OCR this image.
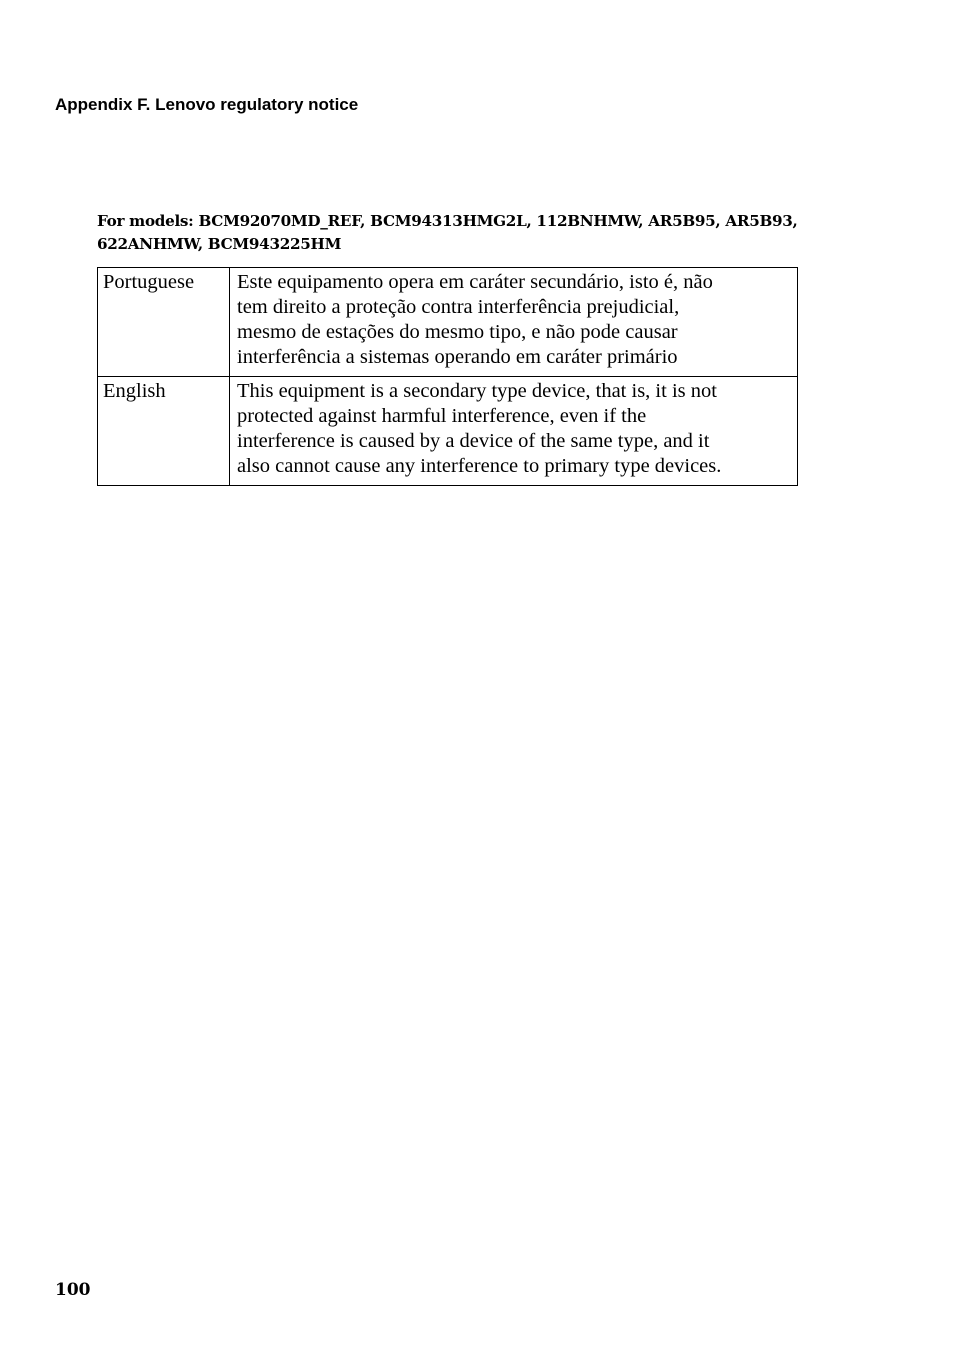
Appendix F. Lenovo regulatory notice
For models: BCM92070MD_REF, BCM94313HMG2L, 112BNHMW, AR5B95, AR5B93,
622ANHMW, BCM943225HM
Portuguese	Este equipamento opera em caráter secundário, isto é, não
tem direito a proteção contra interferência prejudicial,
mesmo de estações do mesmo tipo, e não pode causar
interferência a sistemas operando em caráter primário

English	This equipment is a secondary type device, that is, it is not
protected against harmful interference, even if the
interference is caused by a device of the same type, and it
also cannot cause any interference to primary type devices.
100
